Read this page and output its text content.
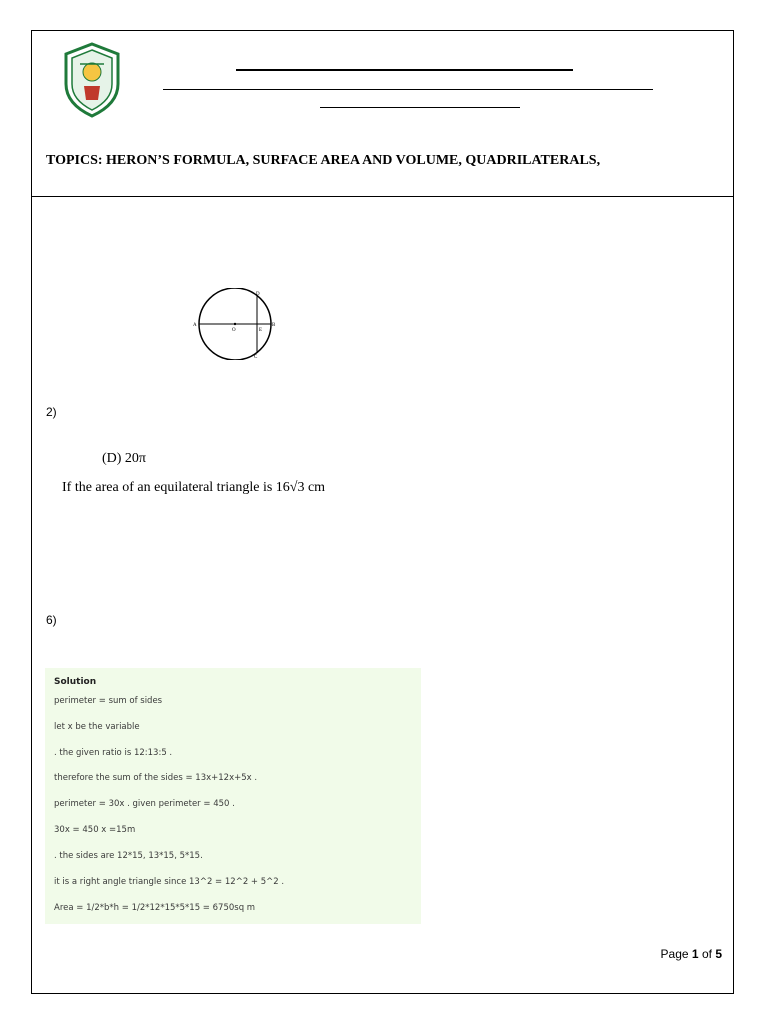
TOPICS: HERON’S FORMULA, SURFACE AREA AND VOLUME, QUADRILATERALS,
A	B
C
D
E
O
2)
(D) 20π
If the area of an equilateral triangle is 16√3 cm
6)
Solution
perimeter = sum of sides
let x be the variable
. the given ratio is 12:13:5 .
therefore the sum of the sides = 13x+12x+5x .
perimeter = 30x . given perimeter = 450 .
30x = 450 x =15m
. the sides are 12*15, 13*15, 5*15.
it is a right angle triangle since 13^2 = 12^2 + 5^2 .
Area = 1/2*b*h = 1/2*12*15*5*15 = 6750sq m
Page 1 of 5
